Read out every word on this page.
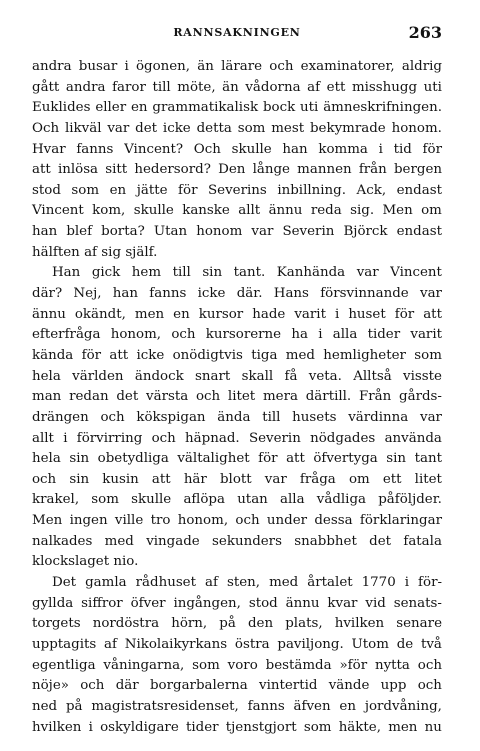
RANNSAKNINGEN	263
andra busar i ögonen, än lärare och examinatorer, aldrig
gått andra faror till möte, än vådorna af ett misshugg uti
Euklides eller en grammatikalisk bock uti ämneskrifningen.
Och likväl var det icke detta som mest bekymrade honom.
Hvar fanns Vincent? Och skulle han komma i tid för
att inlösa sitt hedersord? Den långe mannen från bergen
stod som en jätte för Severins inbillning. Ack, endast
Vincent kom, skulle kanske allt ännu reda sig. Men om
han blef borta? Utan honom var Severin Björck endast
hälften af sig själf.
Han gick hem till sin tant. Kanhända var Vincent
där? Nej, han fanns icke där. Hans försvinnande var
ännu okändt, men en kursor hade varit i huset för att
efterfråga honom, och kursorerne ha i alla tider varit
kända för att icke onödigtvis tiga med hemligheter som
hela världen ändock snart skall få veta. Alltså visste
man redan det värsta och litet mera därtill. Från gårds-
drängen och kökspigan ända till husets värdinna var
allt i förvirring och häpnad. Severin nödgades använda
hela sin obetydliga vältalighet för att öfvertyga sin tant
och sin kusin att här blott var fråga om ett litet
krakel, som skulle aflöpa utan alla vådliga påföljder.
Men ingen ville tro honom, och under dessa förklaringar
nalkades med vingade sekunders snabbhet det fatala
klockslaget nio.
Det gamla rådhuset af sten, med årtalet 1770 i för-
gyllda siffror öfver ingången, stod ännu kvar vid senats-
torgets nordöstra hörn, på den plats, hvilken senare
upptagits af Nikolaikyrkans östra paviljong. Utom de två
egentliga våningarna, som voro bestämda »för nytta och
nöje» och där borgarbalerna vintertid vände upp och
ned på magistratsresidenset, fanns äfven en jordvåning,
hvilken i oskyldigare tider tjenstgjort som häkte, men nu
